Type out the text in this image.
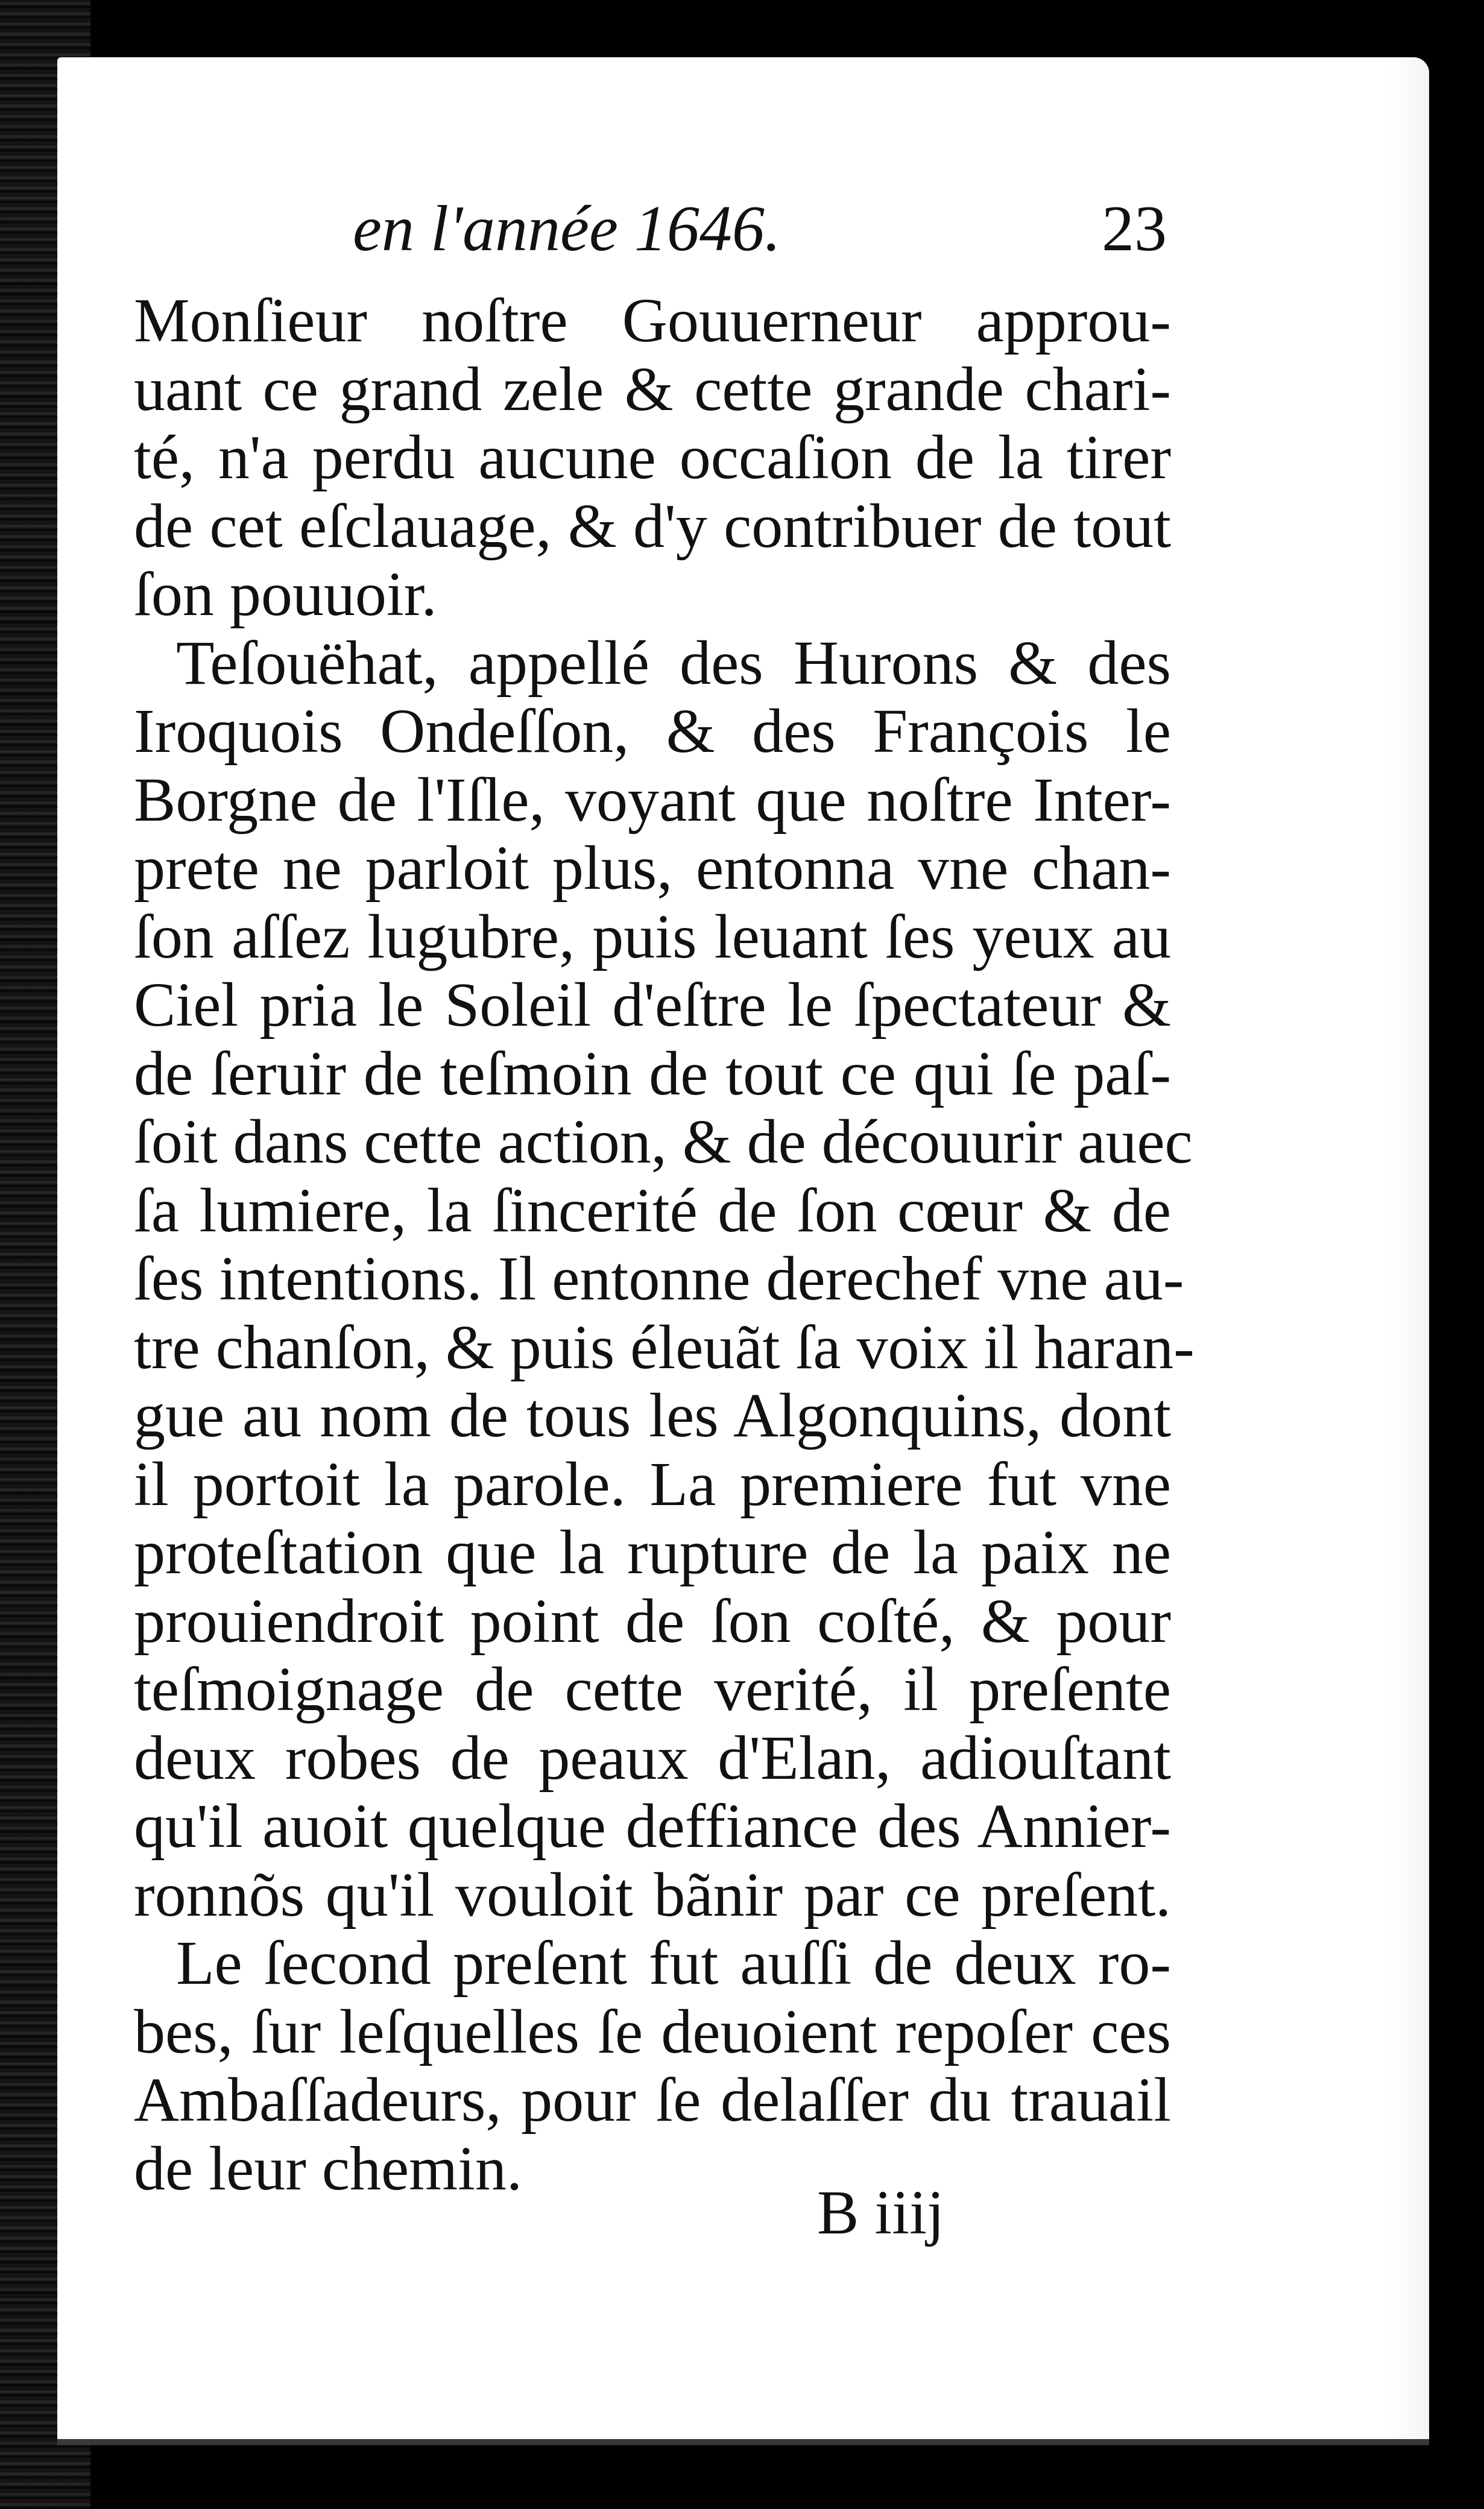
en l'année 1646.	23
Monſieur noſtre Gouuerneur approu-
uant ce grand zele & cette grande chari-
té, n'a perdu aucune occaſion de la tirer
de cet eſclauage, & d'y contribuer de tout
ſon pouuoir.
Teſouëhat, appellé des Hurons & des
Iroquois Ondeſſon, & des François le
Borgne de l'Iſle, voyant que noſtre Inter-
prete ne parloit plus, entonna vne chan-
ſon aſſez lugubre, puis leuant ſes yeux au
Ciel pria le Soleil d'eſtre le ſpectateur &
de ſeruir de teſmoin de tout ce qui ſe paſ-
ſoit dans cette action, & de découurir auec
ſa lumiere, la ſincerité de ſon cœur & de
ſes intentions. Il entonne derechef vne au-
tre chanſon, & puis éleuãt ſa voix il haran-
gue au nom de tous les Algonquins, dont
il portoit la parole. La premiere fut vne
proteſtation que la rupture de la paix ne
prouiendroit point de ſon coſté, & pour
teſmoignage de cette verité, il preſente
deux robes de peaux d'Elan, adiouſtant
qu'il auoit quelque deffiance des Annier-
ronnõs qu'il vouloit bãnir par ce preſent.
Le ſecond preſent fut auſſi de deux ro-
bes, ſur leſquelles ſe deuoient repoſer ces
Ambaſſadeurs, pour ſe delaſſer du trauail
de leur chemin.
B iiij
